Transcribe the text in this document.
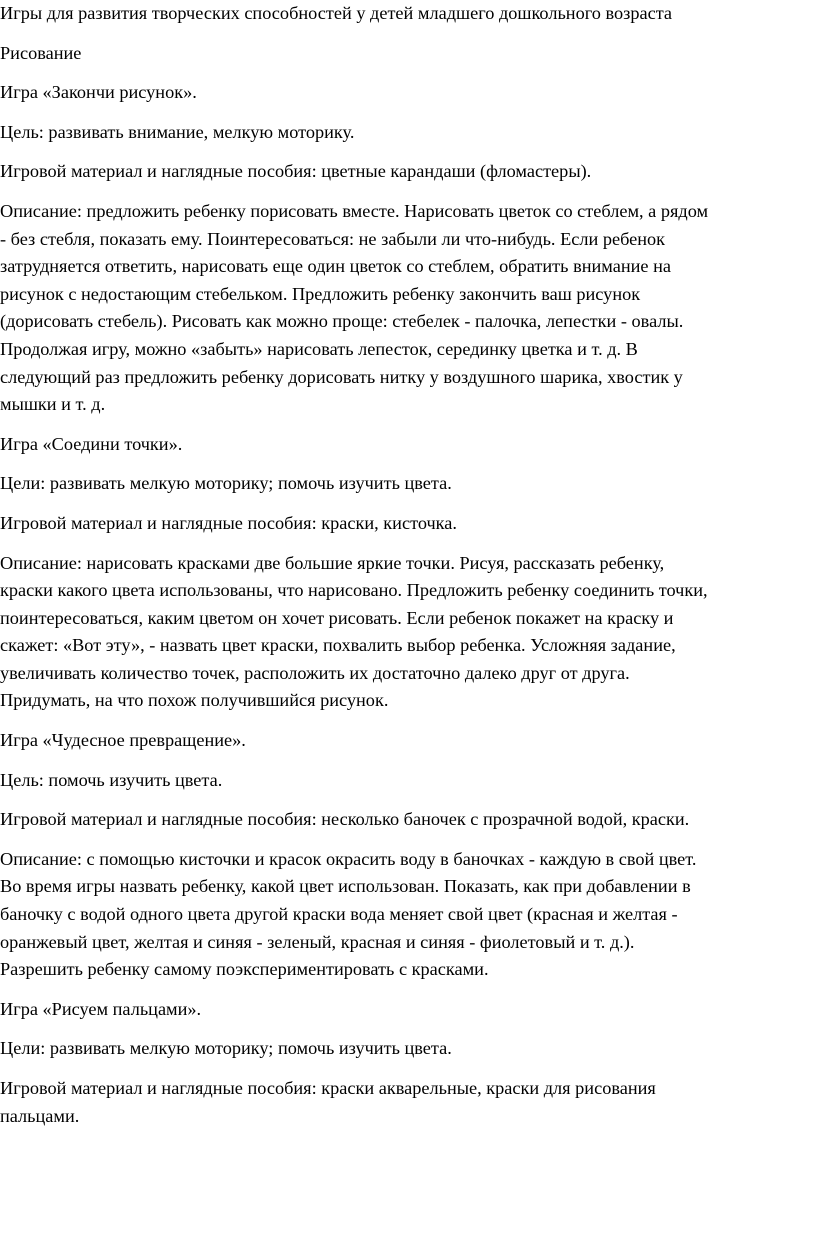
Игры для развития творческих способностей у детей младшего дошкольного возраста

Рисование

Игра «Закончи рисунок».

Цель: развивать внимание, мелкую моторику.

Игровой материал и наглядные пособия: цветные карандаши (фломастеры).

Описание: предложить ребенку порисовать вместе. Нарисовать цветок со стеблем, а рядом
- без стебля, показать ему. Поинтересоваться: не забыли ли что-нибудь. Если ребенок
затрудняется ответить, нарисовать еще один цветок со стеблем, обратить внимание на
рисунок с недостающим стебельком. Предложить ребенку закончить ваш рисунок
(дорисовать стебель). Рисовать как можно проще: стебелек - палочка, лепестки - овалы.
Продолжая игру, можно «забыть» нарисовать лепесток, серединку цветка и т. д. В
следующий раз предложить ребенку дорисовать нитку у воздушного шарика, хвостик у
мышки и т. д.

Игра «Соедини точки».

Цели: развивать мелкую моторику; помочь изучить цвета.

Игровой материал и наглядные пособия: краски, кисточка.

Описание: нарисовать красками две большие яркие точки. Рисуя, рассказать ребенку,
краски какого цвета использованы, что нарисовано. Предложить ребенку соединить точки,
поинтересоваться, каким цветом он хочет рисовать. Если ребенок покажет на краску и
скажет: «Вот эту», - назвать цвет краски, похвалить выбор ребенка. Усложняя задание,
увеличивать количество точек, расположить их достаточно далеко друг от друга.
Придумать, на что похож получившийся рисунок.

Игра «Чудесное превращение».

Цель: помочь изучить цвета.

Игровой материал и наглядные пособия: несколько баночек с прозрачной водой, краски.

Описание: с помощью кисточки и красок окрасить воду в баночках - каждую в свой цвет.
Во время игры назвать ребенку, какой цвет использован. Показать, как при добавлении в
баночку с водой одного цвета другой краски вода меняет свой цвет (красная и желтая -
оранжевый цвет, желтая и синяя - зеленый, красная и синяя - фиолетовый и т. д.).
Разрешить ребенку самому поэкспериментировать с красками.

Игра «Рисуем пальцами».

Цели: развивать мелкую моторику; помочь изучить цвета.

Игровой материал и наглядные пособия: краски акварельные, краски для рисования
пальцами.
